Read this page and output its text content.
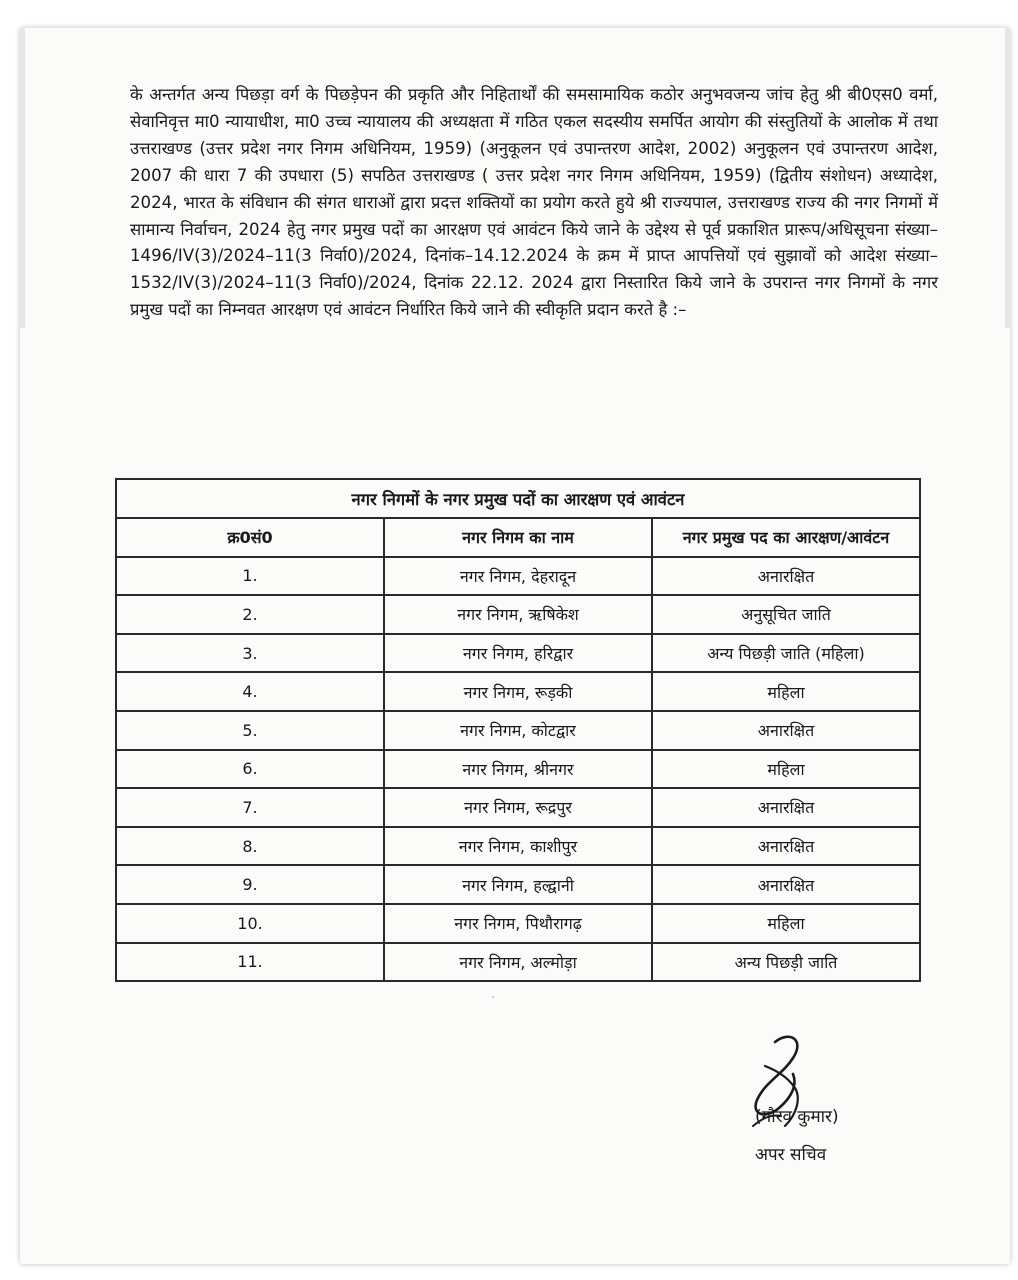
के अन्तर्गत अन्य पिछड़ा वर्ग के पिछड़ेपन की प्रकृति और निहितार्थों की समसामायिक कठोर अनुभवजन्य जांच हेतु श्री बी0एस0 वर्मा, सेवानिवृत्त मा0 न्यायाधीश, मा0 उच्च न्यायालय की अध्यक्षता में गठित एकल सदस्यीय समर्पित आयोग की संस्तुतियों के आलोक में तथा उत्तराखण्ड (उत्तर प्रदेश नगर निगम अधिनियम, 1959) (अनुकूलन एवं उपान्तरण आदेश, 2002) अनुकूलन एवं उपान्तरण आदेश, 2007 की धारा 7 की उपधारा (5) सपठित उत्तराखण्ड ( उत्तर प्रदेश नगर निगम अधिनियम, 1959) (द्वितीय संशोधन) अध्यादेश, 2024, भारत के संविधान की संगत धाराओं द्वारा प्रदत्त शक्तियों का प्रयोग करते हुये श्री राज्यपाल, उत्तराखण्ड राज्य की नगर निगमों में सामान्य निर्वाचन, 2024 हेतु नगर प्रमुख पदों का आरक्षण एवं आवंटन किये जाने के उद्देश्य से पूर्व प्रकाशित प्रारूप/अधिसूचना संख्या–1496/IV(3)/2024–11(3 निर्वा0)/2024, दिनांक–14.12.2024 के क्रम में प्राप्त आपत्तियों एवं सुझावों को आदेश संख्या–1532/IV(3)/2024–11(3 निर्वा0)/2024, दिनांक 22.12. 2024 द्वारा निस्तारित किये जाने के उपरान्त नगर निगमों के नगर प्रमुख पदों का निम्नवत आरक्षण एवं आवंटन निर्धारित किये जाने की स्वीकृति प्रदान करते है :–

नगर निगमों के नगर प्रमुख पदों का आरक्षण एवं आवंटन		
क्र0सं0	नगर निगम का नाम	नगर प्रमुख पद का आरक्षण/आवंटन
1.	नगर निगम, देहरादून	अनारक्षित
2.	नगर निगम, ऋषिकेश	अनुसूचित जाति
3.	नगर निगम, हरिद्वार	अन्य पिछड़ी जाति (महिला)
4.	नगर निगम, रूड़की	महिला
5.	नगर निगम, कोटद्वार	अनारक्षित
6.	नगर निगम, श्रीनगर	महिला
7.	नगर निगम, रूद्रपुर	अनारक्षित
8.	नगर निगम, काशीपुर	अनारक्षित
9.	नगर निगम, हल्द्वानी	अनारक्षित
10.	नगर निगम, पिथौरागढ़	महिला
11.	नगर निगम, अल्मोड़ा	अन्य पिछड़ी जाति
(गौरव कुमार)
अपर सचिव
